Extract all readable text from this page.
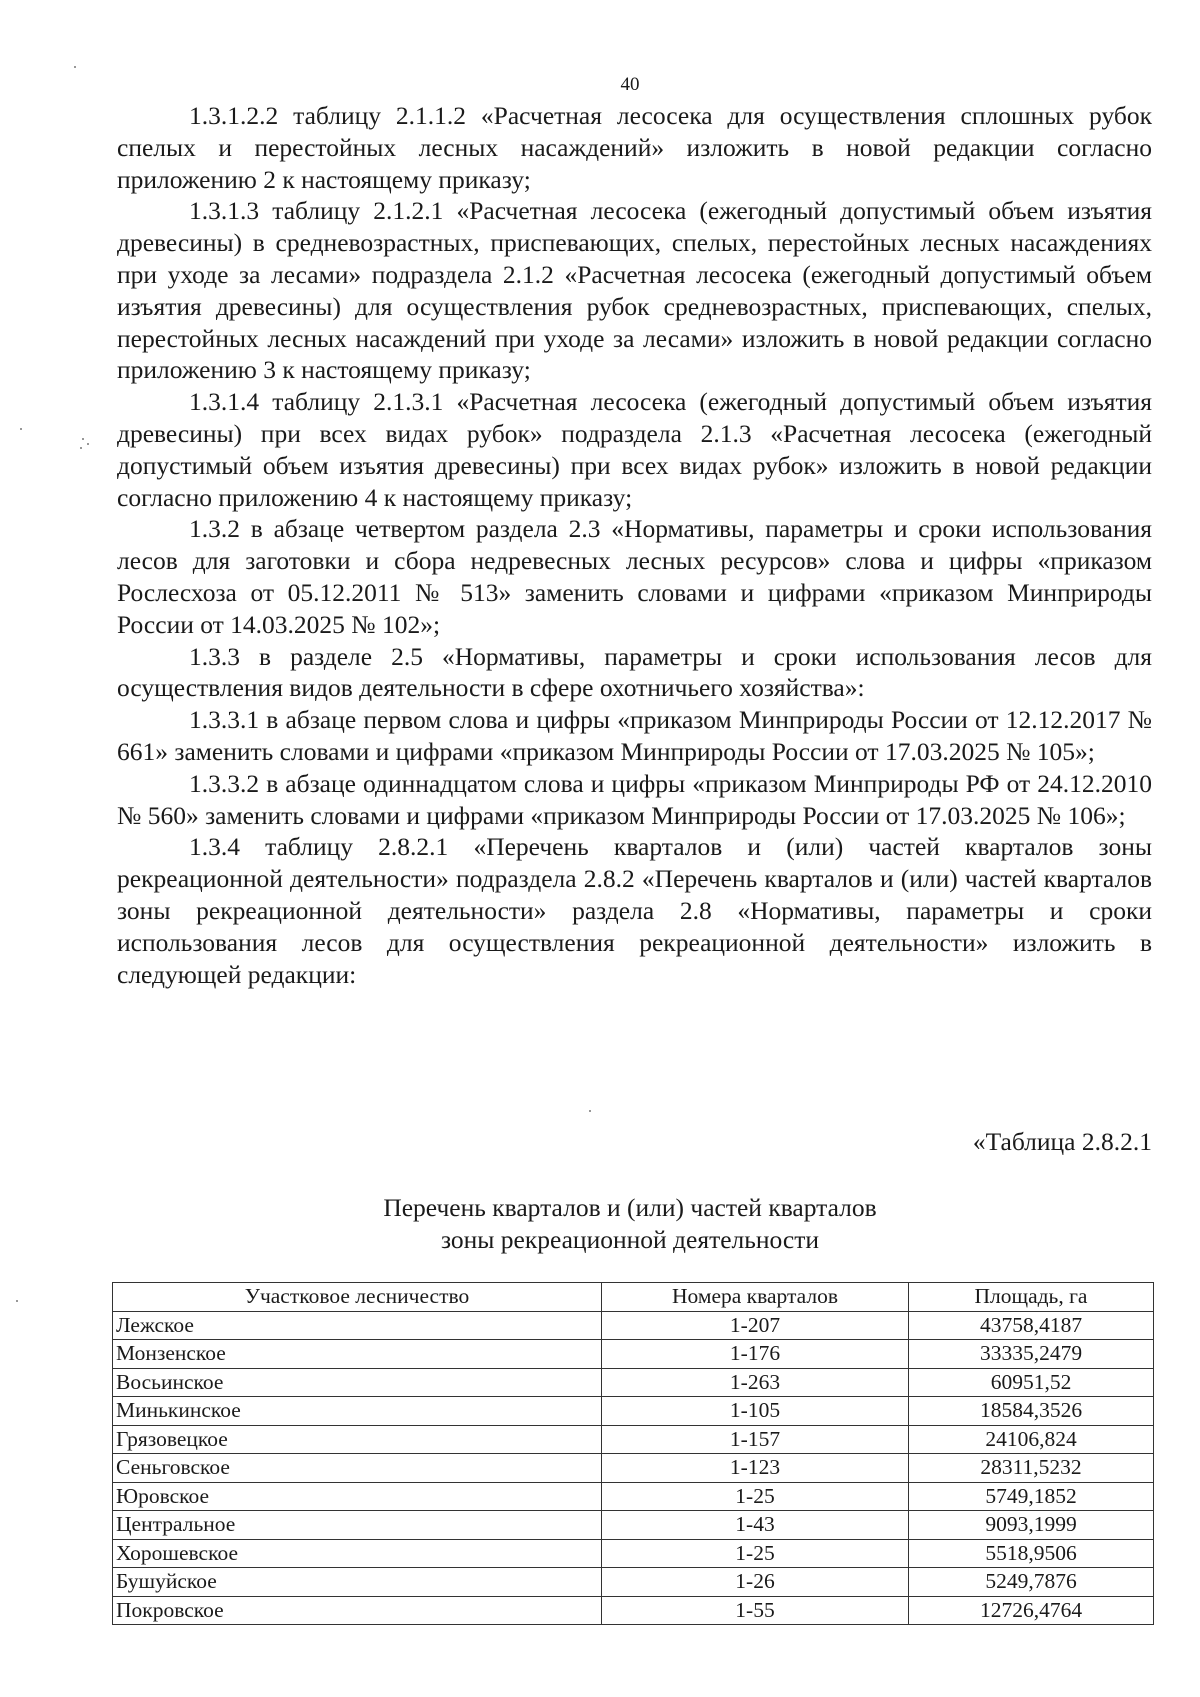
40

1.3.1.2.2 таблицу 2.1.1.2 «Расчетная лесосека для осуществления сплошных рубок спелых и перестойных лесных насаждений» изложить в новой редакции согласно приложению 2 к настоящему приказу;

1.3.1.3 таблицу 2.1.2.1 «Расчетная лесосека (ежегодный допустимый объем изъятия древесины) в средневозрастных, приспевающих, спелых, перестойных лесных насаждениях при уходе за лесами» подраздела 2.1.2 «Расчетная лесосека (ежегодный допустимый объем изъятия древесины) для осуществления рубок средневозрастных, приспевающих, спелых, перестойных лесных насаждений при уходе за лесами» изложить в новой редакции согласно приложению 3 к настоящему приказу;

1.3.1.4 таблицу 2.1.3.1 «Расчетная лесосека (ежегодный допустимый объем изъятия древесины) при всех видах рубок» подраздела 2.1.3 «Расчетная лесосека (ежегодный допустимый объем изъятия древесины) при всех видах рубок» изложить в новой редакции согласно приложению 4 к настоящему приказу;

1.3.2 в абзаце четвертом раздела 2.3 «Нормативы, параметры и сроки использования лесов для заготовки и сбора недревесных лесных ресурсов» слова и цифры «приказом Рослесхоза от 05.12.2011 № 513» заменить словами и цифрами «приказом Минприроды России от 14.03.2025 № 102»;

1.3.3 в разделе 2.5 «Нормативы, параметры и сроки использования лесов для осуществления видов деятельности в сфере охотничьего хозяйства»:

1.3.3.1 в абзаце первом слова и цифры «приказом Минприроды России от 12.12.2017 № 661» заменить словами и цифрами «приказом Минприроды России от 17.03.2025 № 105»;

1.3.3.2 в абзаце одиннадцатом слова и цифры «приказом Минприроды РФ от 24.12.2010 № 560» заменить словами и цифрами «приказом Минприроды России от 17.03.2025 № 106»;

1.3.4 таблицу 2.8.2.1 «Перечень кварталов и (или) частей кварталов зоны рекреационной деятельности» подраздела 2.8.2 «Перечень кварталов и (или) частей кварталов зоны рекреационной деятельности» раздела 2.8 «Нормативы, параметры и сроки использования лесов для осуществления рекреационной деятельности» изложить в следующей редакции:

«Таблица 2.8.2.1
Перечень кварталов и (или) частей кварталов
зоны рекреационной деятельности
Участковое лесничество	Номера кварталов	Площадь, га
Лежское	1-207	43758,4187
Монзенское	1-176	33335,2479
Восьинское	1-263	60951,52
Минькинское	1-105	18584,3526
Грязовецкое	1-157	24106,824
Сеньговское	1-123	28311,5232
Юровское	1-25	5749,1852
Центральное	1-43	9093,1999
Хорошевское	1-25	5518,9506
Бушуйское	1-26	5249,7876
Покровское	1-55	12726,4764
